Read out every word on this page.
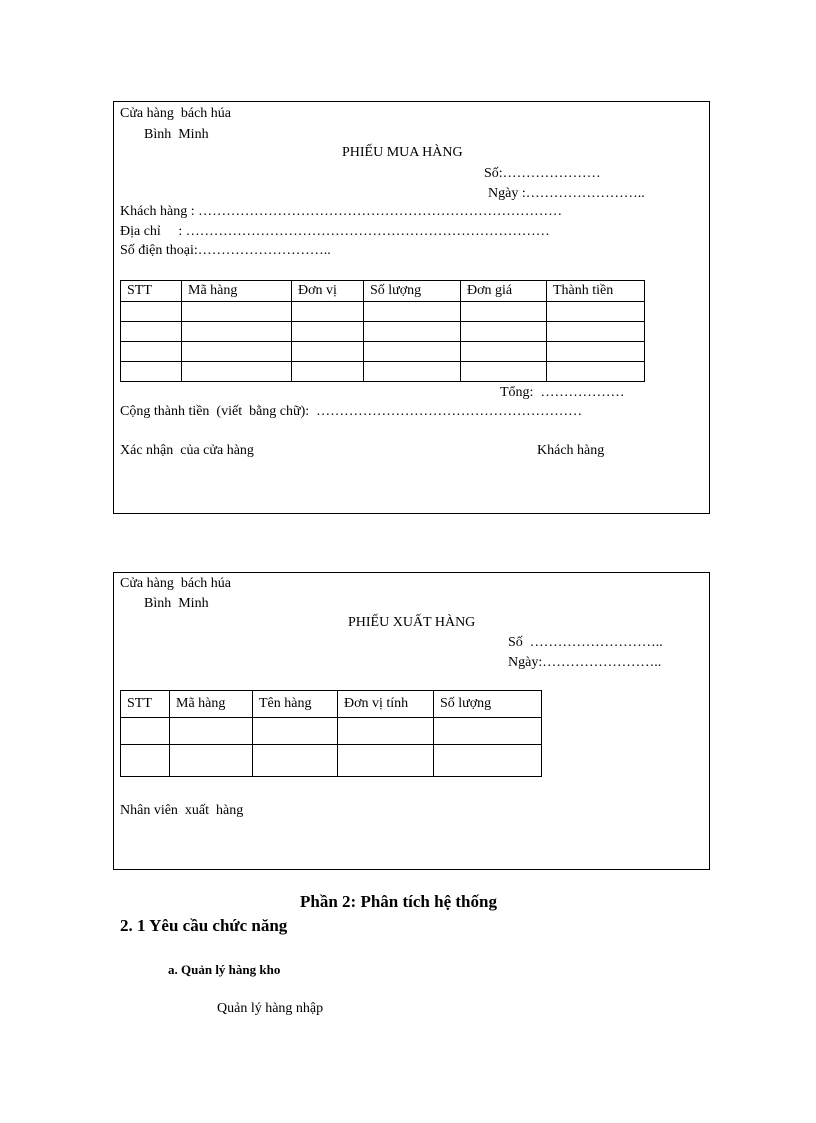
Cửa hàng  bách húa
Bình  Minh
PHIẾU MUA HÀNG
Số:…………………
Ngày :……………………..
Khách hàng : ……………………………………………………………………
Địa chỉ     : ……………………………………………………………………
Số điện thoại:………………………..
STT	Mã hàng	Đơn vị	Số lượng	Đơn giá	Thành tiền

Tổng:  ………………
Cộng thành tiền  (viết  bằng chữ):  …………………………………………………
Xác nhận  của cửa hàng	Khách hàng
Cửa hàng  bách húa
Bình  Minh
PHIẾU XUẤT HÀNG
Số  ………………………..
Ngày:……………………..
STT	Mã hàng	Tên hàng	Đơn vị tính	Số lượng

Nhân viên  xuất  hàng
Phần 2: Phân tích hệ thống
2. 1 Yêu cầu chức năng
a. Quản lý hàng kho
Quản lý hàng nhập
